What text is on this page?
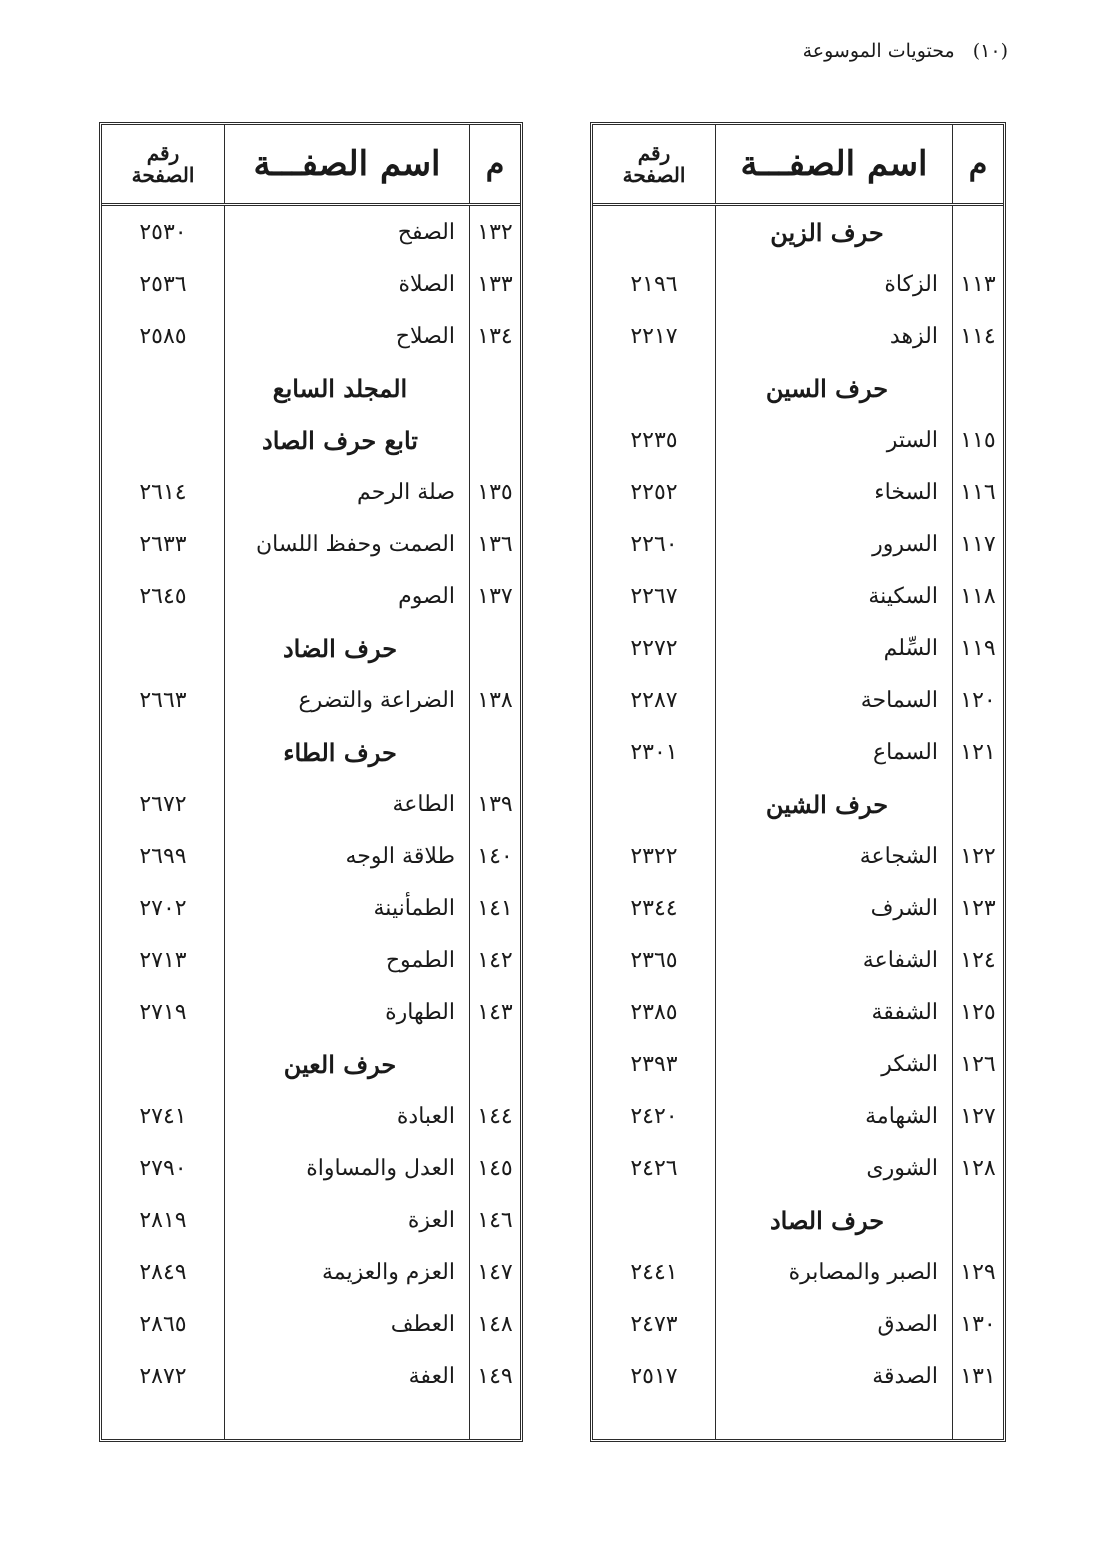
(١٠) محتويات الموسوعة
م	اسم الصفـــة	رقم
الصفحة

	حرف الزين	
١١٣	الزكاة	٢١٩٦
١١٤	الزهد	٢٢١٧
	حرف السين	
١١٥	الستر	٢٢٣٥
١١٦	السخاء	٢٢٥٢
١١٧	السرور	٢٢٦٠
١١٨	السكينة	٢٢٦٧
١١٩	السِّلم	٢٢٧٢
١٢٠	السماحة	٢٢٨٧
١٢١	السماع	٢٣٠١
	حرف الشين	
١٢٢	الشجاعة	٢٣٢٢
١٢٣	الشرف	٢٣٤٤
١٢٤	الشفاعة	٢٣٦٥
١٢٥	الشفقة	٢٣٨٥
١٢٦	الشكر	٢٣٩٣
١٢٧	الشهامة	٢٤٢٠
١٢٨	الشورى	٢٤٢٦
	حرف الصاد	
١٢٩	الصبر والمصابرة	٢٤٤١
١٣٠	الصدق	٢٤٧٣
١٣١	الصدقة	٢٥١٧

م	اسم الصفـــة	رقم
الصفحة

١٣٢	الصفح	٢٥٣٠
١٣٣	الصلاة	٢٥٣٦
١٣٤	الصلاح	٢٥٨٥
	المجلد السابع	
	تابع حرف الصاد	
١٣٥	صلة الرحم	٢٦١٤
١٣٦	الصمت وحفظ اللسان	٢٦٣٣
١٣٧	الصوم	٢٦٤٥
	حرف الضاد	
١٣٨	الضراعة والتضرع	٢٦٦٣
	حرف الطاء	
١٣٩	الطاعة	٢٦٧٢
١٤٠	طلاقة الوجه	٢٦٩٩
١٤١	الطمأنينة	٢٧٠٢
١٤٢	الطموح	٢٧١٣
١٤٣	الطهارة	٢٧١٩
	حرف العين	
١٤٤	العبادة	٢٧٤١
١٤٥	العدل والمساواة	٢٧٩٠
١٤٦	العزة	٢٨١٩
١٤٧	العزم والعزيمة	٢٨٤٩
١٤٨	العطف	٢٨٦٥
١٤٩	العفة	٢٨٧٢
